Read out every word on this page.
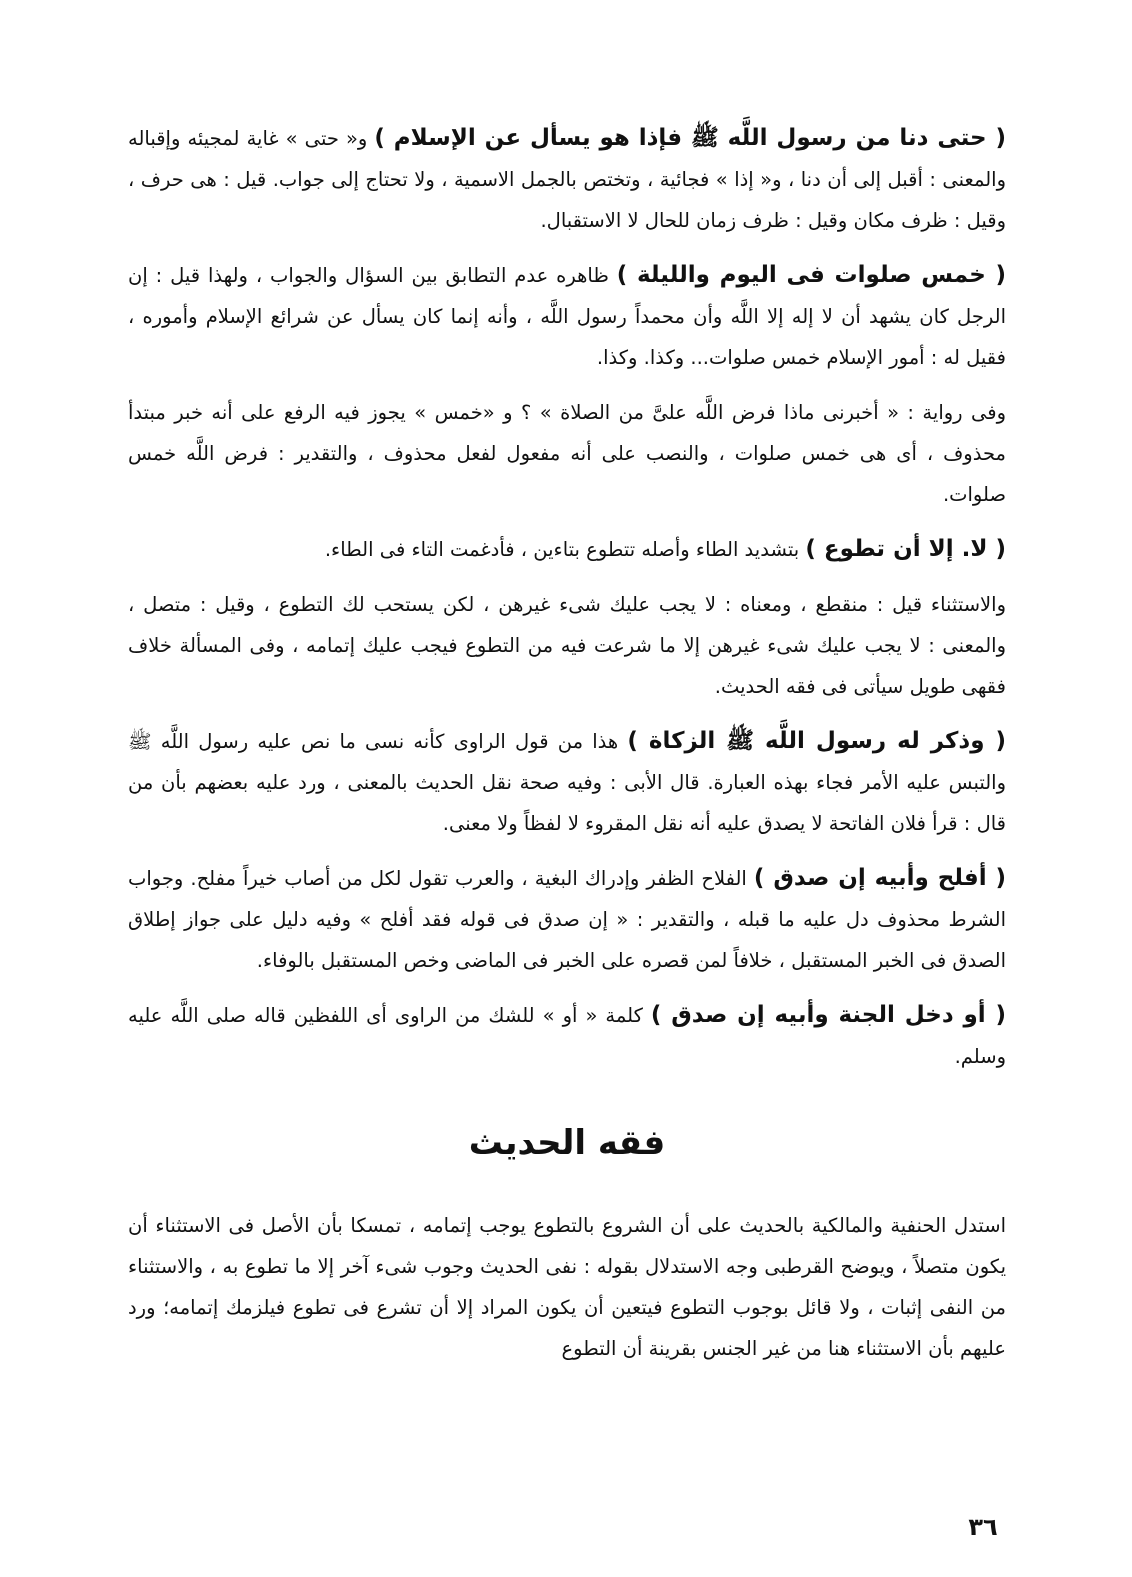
( حتى دنا من رسول اللَّه ﷺ فإذا هو يسأل عن الإسلام ) و« حتى » غاية لمجيئه وإقباله والمعنى : أقبل إلى أن دنا ، و« إذا » فجائية ، وتختص بالجمل الاسمية ، ولا تحتاج إلى جواب. قيل : هى حرف ، وقيل : ظرف مكان وقيل : ظرف زمان للحال لا الاستقبال.

( خمس صلوات فى اليوم والليلة ) ظاهره عدم التطابق بين السؤال والجواب ، ولهذا قيل : إن الرجل كان يشهد أن لا إله إلا اللَّه وأن محمداً رسول اللَّه ، وأنه إنما كان يسأل عن شرائع الإسلام وأموره ، فقيل له : أمور الإسلام خمس صلوات... وكذا. وكذا.

وفى رواية : « أخبرنى ماذا فرض اللَّه علىَّ من الصلاة » ؟ و «خمس » يجوز فيه الرفع على أنه خبر مبتدأ محذوف ، أى هى خمس صلوات ، والنصب على أنه مفعول لفعل محذوف ، والتقدير : فرض اللَّه خمس صلوات.

( لا. إلا أن تطوع ) بتشديد الطاء وأصله تتطوع بتاءين ، فأدغمت التاء فى الطاء.

والاستثناء قيل : منقطع ، ومعناه : لا يجب عليك شىء غيرهن ، لكن يستحب لك التطوع ، وقيل : متصل ، والمعنى : لا يجب عليك شىء غيرهن إلا ما شرعت فيه من التطوع فيجب عليك إتمامه ، وفى المسألة خلاف فقهى طويل سيأتى فى فقه الحديث.

( وذكر له رسول اللَّه ﷺ الزكاة ) هذا من قول الراوى كأنه نسى ما نص عليه رسول اللَّه ﷺ والتبس عليه الأمر فجاء بهذه العبارة. قال الأبى : وفيه صحة نقل الحديث بالمعنى ، ورد عليه بعضهم بأن من قال : قرأ فلان الفاتحة لا يصدق عليه أنه نقل المقروء لا لفظاً ولا معنى.

( أفلح وأبيه إن صدق ) الفلاح الظفر وإدراك البغية ، والعرب تقول لكل من أصاب خيراً مفلح. وجواب الشرط محذوف دل عليه ما قبله ، والتقدير : « إن صدق فى قوله فقد أفلح » وفيه دليل على جواز إطلاق الصدق فى الخبر المستقبل ، خلافاً لمن قصره على الخبر فى الماضى وخص المستقبل بالوفاء.

( أو دخل الجنة وأبيه إن صدق ) كلمة « أو » للشك من الراوى أى اللفظين قاله صلى اللَّه عليه وسلم.

فقه الحديث

استدل الحنفية والمالكية بالحديث على أن الشروع بالتطوع يوجب إتمامه ، تمسكا بأن الأصل فى الاستثناء أن يكون متصلاً ، ويوضح القرطبى وجه الاستدلال بقوله : نفى الحديث وجوب شىء آخر إلا ما تطوع به ، والاستثناء من النفى إثبات ، ولا قائل بوجوب التطوع فيتعين أن يكون المراد إلا أن تشرع فى تطوع فيلزمك إتمامه؛ ورد عليهم بأن الاستثناء هنا من غير الجنس بقرينة أن التطوع

٣٦
